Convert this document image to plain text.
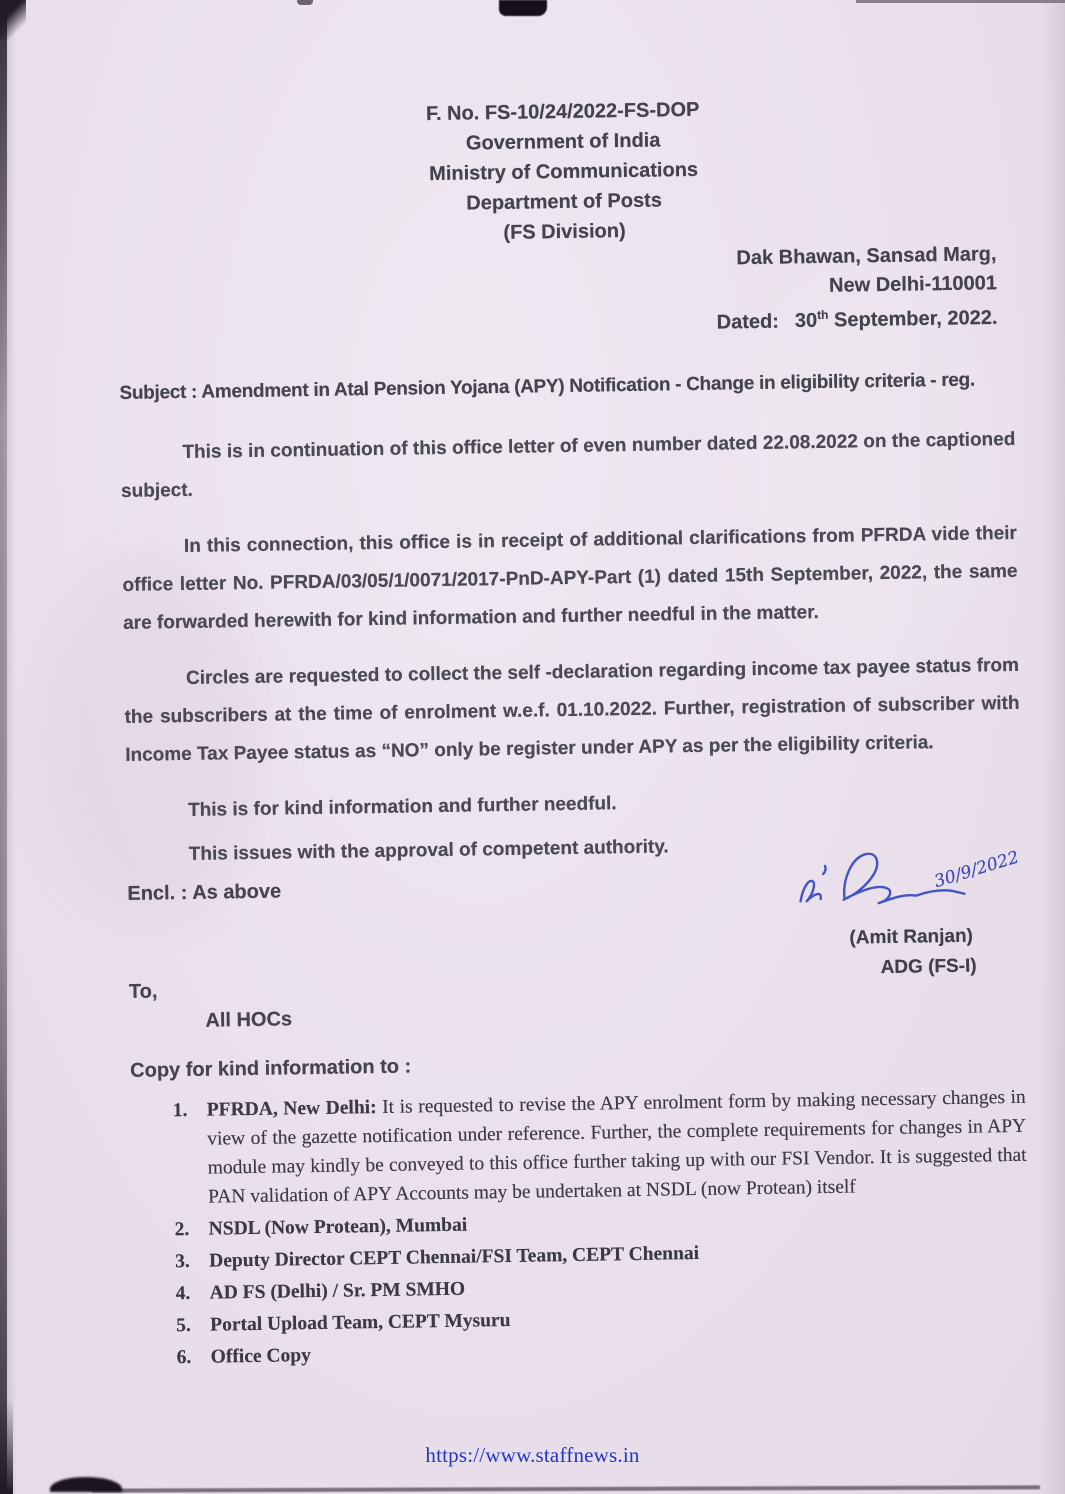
F. No. FS-10/24/2022-FS-DOP
Government of India
Ministry of Communications
Department of Posts
(FS Division)
Dak Bhawan, Sansad Marg,
New Delhi-110001
Dated: 30th September, 2022.
Subject : Amendment in Atal Pension Yojana (APY) Notification - Change in eligibility criteria - reg.

This is in continuation of this office letter of even number dated 22.08.2022 on the captioned subject.

In this connection, this office is in receipt of additional clarifications from PFRDA vide their office letter No. PFRDA/03/05/1/0071/2017-PnD-APY-Part (1) dated 15th September, 2022, the same are forwarded herewith for kind information and further needful in the matter.

Circles are requested to collect the self -declaration regarding income tax payee status from the subscribers at the time of enrolment w.e.f. 01.10.2022. Further, registration of subscriber with Income Tax Payee status as “NO” only be register under APY as per the eligibility criteria.

This is for kind information and further needful.

This issues with the approval of competent authority.

Encl. : As above
30/9/2022
(Amit Ranjan)
ADG (FS-I)
To,
All HOCs
Copy for kind information to :
1. PFRDA, New Delhi: It is requested to revise the APY enrolment form by making necessary changes in view of the gazette notification under reference. Further, the complete requirements for changes in APY module may kindly be conveyed to this office further taking up with our FSI Vendor. It is suggested that PAN validation of APY Accounts may be undertaken at NSDL (now Protean) itself
2. NSDL (Now Protean), Mumbai
3. Deputy Director CEPT Chennai/FSI Team, CEPT Chennai
4. AD FS (Delhi) / Sr. PM SMHO
5. Portal Upload Team, CEPT Mysuru
6. Office Copy
https://www.staffnews.in
